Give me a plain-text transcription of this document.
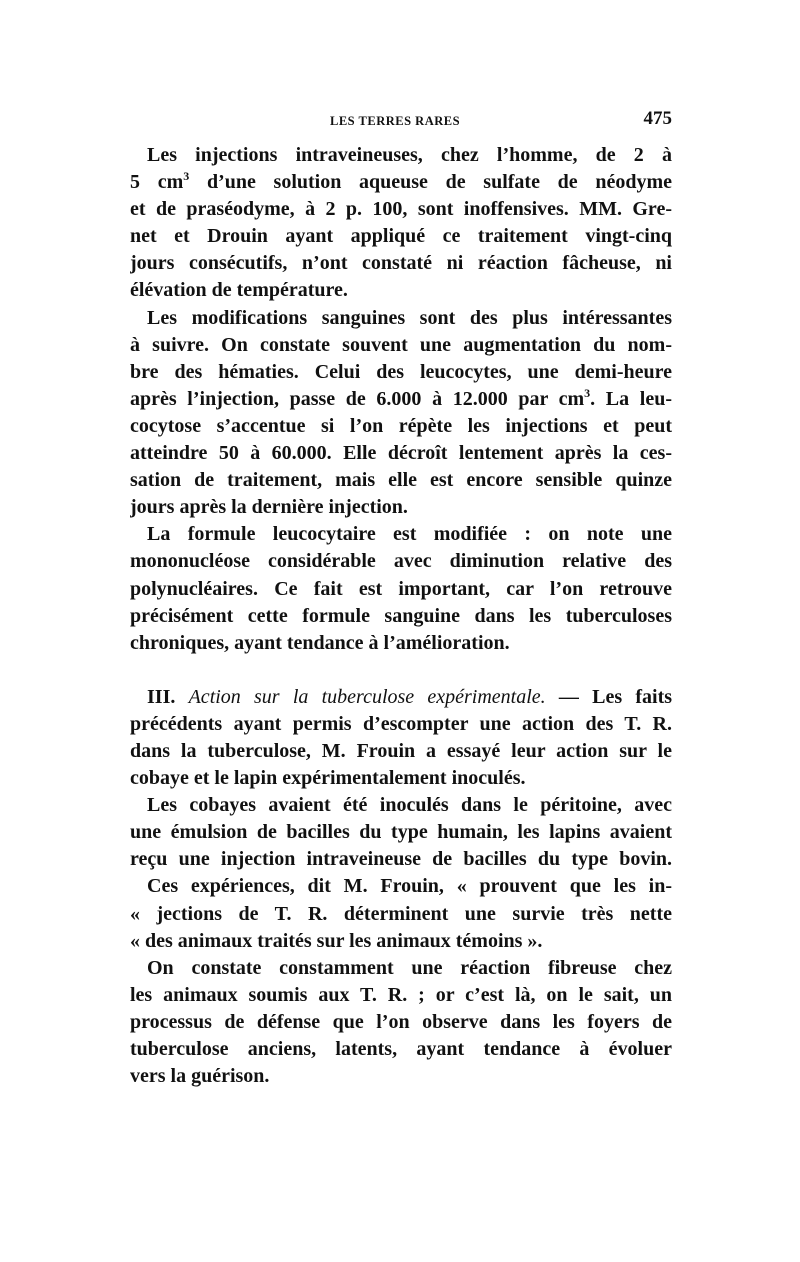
LES TERRES RARES	475
Les injections intraveineuses, chez l’homme, de 2 à
5 $cm^3$ d’une solution aqueuse de sulfate de néodyme
et de praséodyme, à 2 p. 100, sont inoffensives. MM. Gre-
net et Drouin ayant appliqué ce traitement vingt-cinq
jours consécutifs, n’ont constaté ni réaction fâcheuse, ni
élévation de température.
Les modifications sanguines sont des plus intéressantes
à suivre. On constate souvent une augmentation du nom-
bre des hématies. Celui des leucocytes, une demi-heure
après l’injection, passe de 6.000 à 12.000 par $cm^3$. La leu-
cocytose s’accentue si l’on répète les injections et peut
atteindre 50 à 60.000. Elle décroît lentement après la ces-
sation de traitement, mais elle est encore sensible quinze
jours après la dernière injection.
La formule leucocytaire est modifiée : on note une
mononucléose considérable avec diminution relative des
polynucléaires. Ce fait est important, car l’on retrouve
précisément cette formule sanguine dans les tuberculoses
chroniques, ayant tendance à l’amélioration.
III. Action sur la tuberculose expérimentale. — Les faits
précédents ayant permis d’escompter une action des T. R.
dans la tuberculose, M. Frouin a essayé leur action sur le
cobaye et le lapin expérimentalement inoculés.
Les cobayes avaient été inoculés dans le péritoine, avec
une émulsion de bacilles du type humain, les lapins avaient
reçu une injection intraveineuse de bacilles du type bovin.
Ces expériences, dit M. Frouin, « prouvent que les in-
« jections de T. R. déterminent une survie très nette
« des animaux traités sur les animaux témoins ».
On constate constamment une réaction fibreuse chez
les animaux soumis aux T. R. ; or c’est là, on le sait, un
processus de défense que l’on observe dans les foyers de
tuberculose anciens, latents, ayant tendance à évoluer
vers la guérison.
